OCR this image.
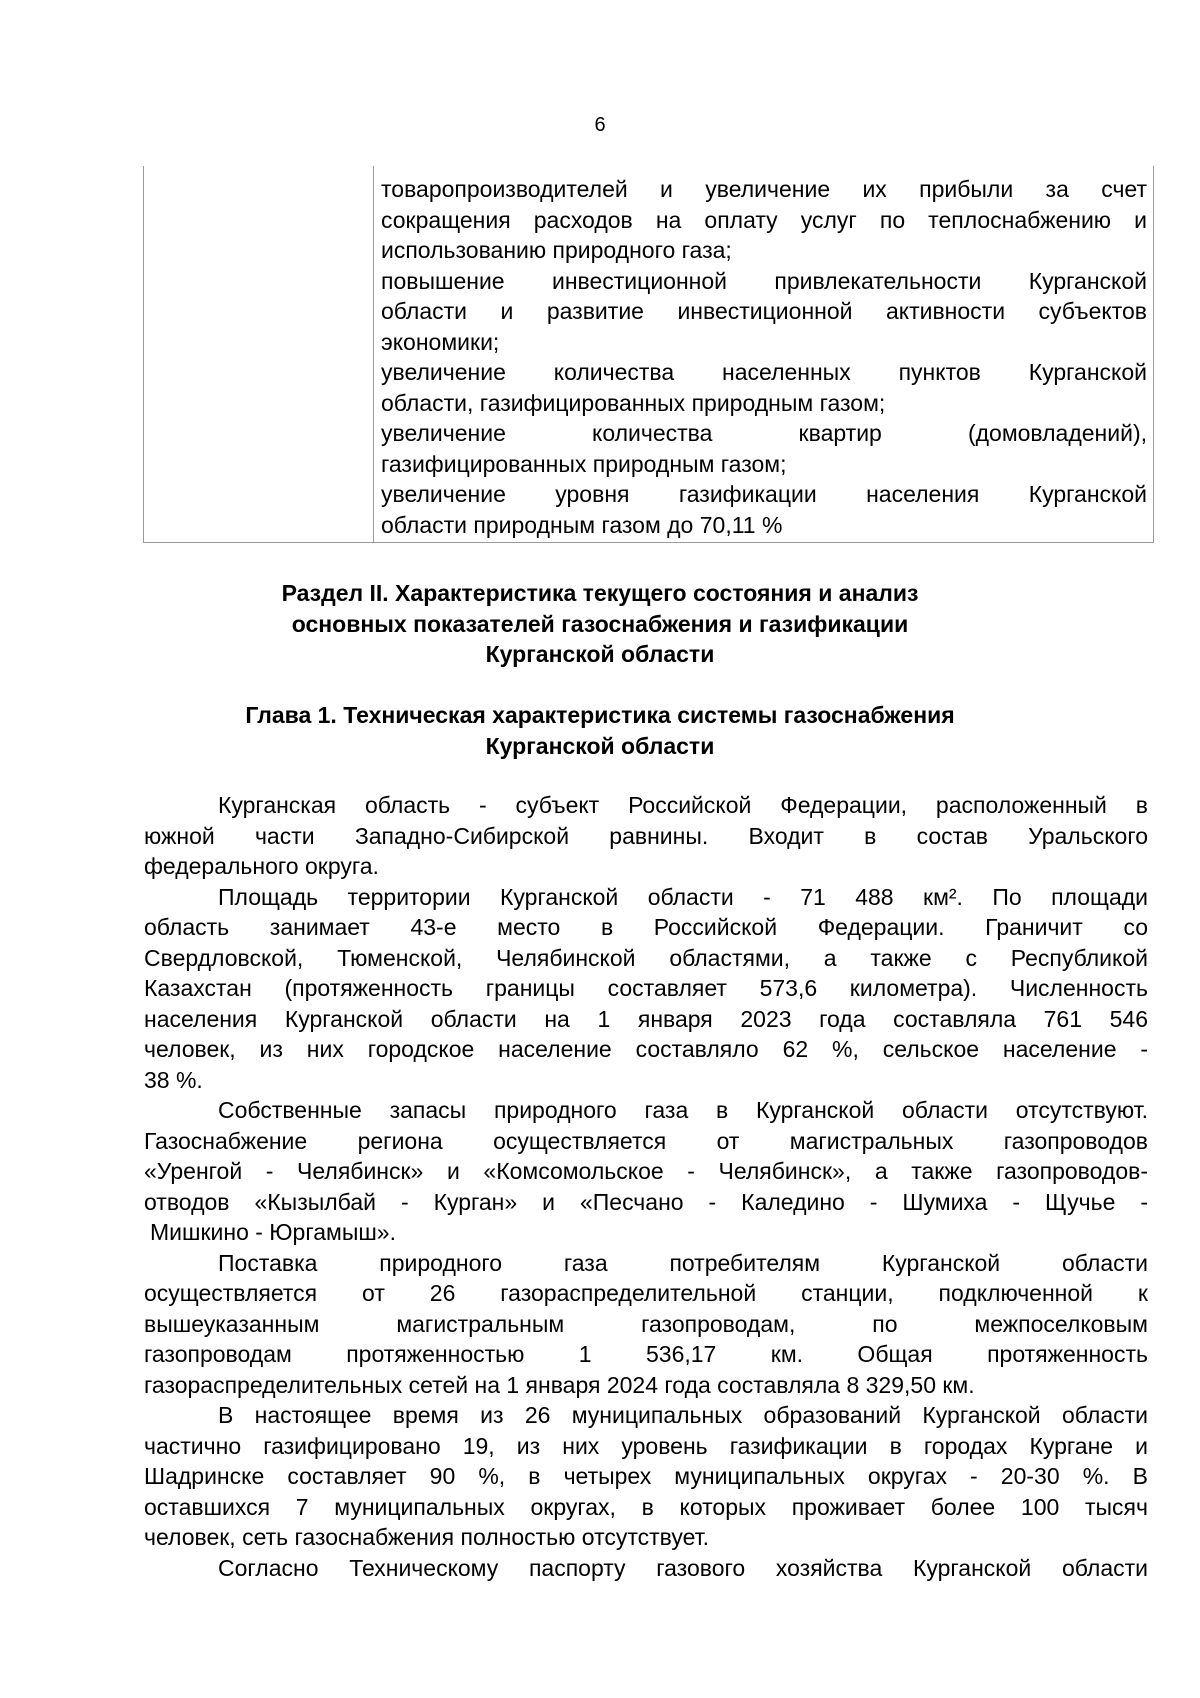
6

товаропроизводителей и увеличение их прибыли за счет
сокращения расходов на оплату услуг по теплоснабжению и
использованию природного газа;
повышение инвестиционной привлекательности Курганской
области и развитие инвестиционной активности субъектов
экономики;
увеличение количества населенных пунктов Курганской
области, газифицированных природным газом;
увеличение количества квартир (домовладений),
газифицированных природным газом;
увеличение уровня газификации населения Курганской
области природным газом до 70,11 %
Раздел II. Характеристика текущего состояния и анализ
основных показателей газоснабжения и газификации
Курганской области
Глава 1. Техническая характеристика системы газоснабжения
Курганской области
Курганская область - субъект Российской Федерации, расположенный в
южной части Западно-Сибирской равнины. Входит в состав Уральского
федерального округа.
Площадь территории Курганской области - 71 488 км². По площади
область занимает 43-е место в Российской Федерации. Граничит со
Свердловской, Тюменской, Челябинской областями, а также с Республикой
Казахстан (протяженность границы составляет 573,6 километра). Численность
населения Курганской области на 1 января 2023 года составляла 761 546
человек, из них городское население составляло 62 %, сельское население -
38 %.
Собственные запасы природного газа в Курганской области отсутствуют.
Газоснабжение региона осуществляется от магистральных газопроводов
«Уренгой - Челябинск» и «Комсомольское - Челябинск», а также газопроводов-
отводов «Кызылбай - Курган» и «Песчано - Каледино - Шумиха - Щучье -
Мишкино - Юргамыш».
Поставка природного газа потребителям Курганской области
осуществляется от 26 газораспределительной станции, подключенной к
вышеуказанным магистральным газопроводам, по межпоселковым
газопроводам протяженностью 1 536,17 км. Общая протяженность
газораспределительных сетей на 1 января 2024 года составляла 8 329,50 км.
В настоящее время из 26 муниципальных образований Курганской области
частично газифицировано 19, из них уровень газификации в городах Кургане и
Шадринске составляет 90 %, в четырех муниципальных округах - 20-30 %. В
оставшихся 7 муниципальных округах, в которых проживает более 100 тысяч
человек, сеть газоснабжения полностью отсутствует.
Согласно Техническому паспорту газового хозяйства Курганской области
